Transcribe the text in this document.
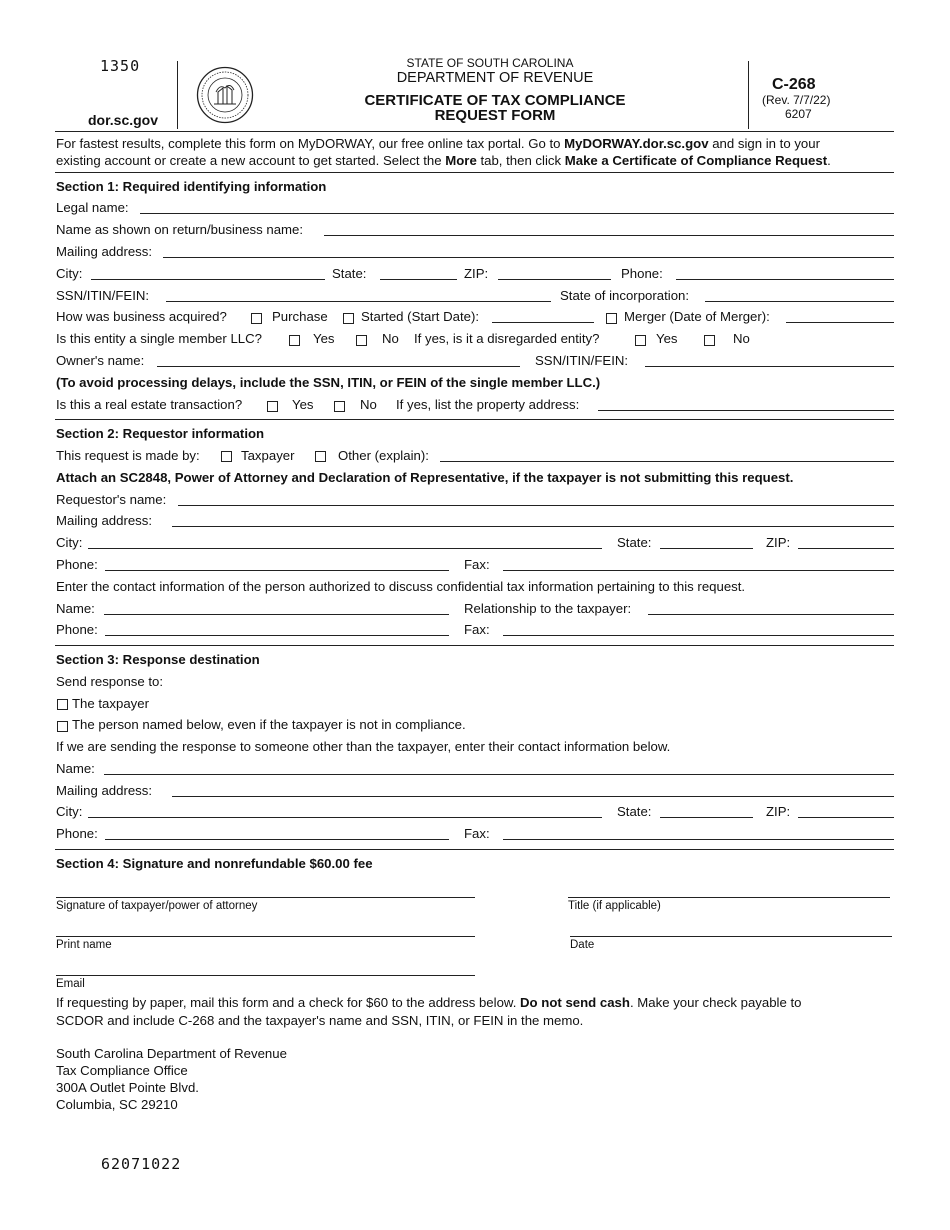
1350
dor.sc.gov
STATE OF SOUTH CAROLINA
DEPARTMENT OF REVENUE
CERTIFICATE OF TAX COMPLIANCE
REQUEST FORM
C-268
(Rev. 7/7/22)
6207
For fastest results, complete this form on MyDORWAY, our free online tax portal. Go to MyDORWAY.dor.sc.gov and sign in to your
existing account or create a new account to get started. Select the More tab, then click Make a Certificate of Compliance Request.
Section 1: Required identifying information
Legal name:
Name as shown on return/business name:
Mailing address:
City:	State:	ZIP:	Phone:
SSN/ITIN/FEIN:	State of incorporation:
How was business acquired?	Purchase	Started (Start Date):	Merger (Date of Merger):
Is this entity a single member LLC?	Yes	No If yes, is it a disregarded entity?	Yes	No
Owner's name:	SSN/ITIN/FEIN:
(To avoid processing delays, include the SSN, ITIN, or FEIN of the single member LLC.)
Is this a real estate transaction?	Yes	No If yes, list the property address:
Section 2: Requestor information
This request is made by:	Taxpayer	Other (explain):
Attach an SC2848, Power of Attorney and Declaration of Representative, if the taxpayer is not submitting this request.
Requestor's name:
Mailing address:
City:	State:	ZIP:
Phone:	Fax:
Enter the contact information of the person authorized to discuss confidential tax information pertaining to this request.
Name:	Relationship to the taxpayer:
Phone:	Fax:
Section 3: Response destination
Send response to:
The taxpayer
The person named below, even if the taxpayer is not in compliance.
If we are sending the response to someone other than the taxpayer, enter their contact information below.
Name:
Mailing address:
City:	State:	ZIP:
Phone:	Fax:
Section 4: Signature and nonrefundable $60.00 fee
Signature of taxpayer/power of attorney	Title (if applicable)
Print name	Date
Email
If requesting by paper, mail this form and a check for $60 to the address below. Do not send cash. Make your check payable to
SCDOR and include C-268 and the taxpayer's name and SSN, ITIN, or FEIN in the memo.
South Carolina Department of Revenue
Tax Compliance Office
300A Outlet Pointe Blvd.
Columbia, SC 29210
62071022
